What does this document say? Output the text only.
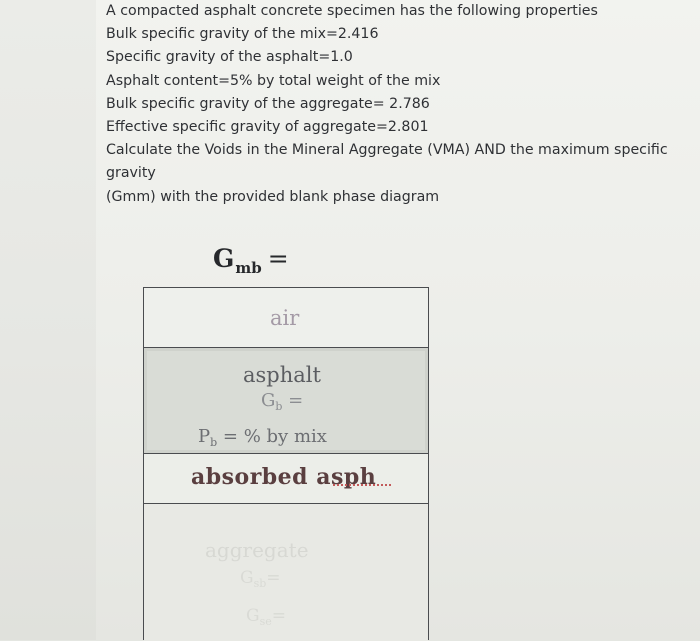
A compacted asphalt concrete specimen has the following properties
Bulk specific gravity of the mix=2.416
Specific gravity of the asphalt=1.0
Asphalt content=5% by total weight of the mix
Bulk specific gravity of the aggregate= 2.786
Effective specific gravity of aggregate=2.801
Calculate the Voids in the Mineral Aggregate (VMA) AND the maximum specific
gravity
(Gmm) with the provided blank phase diagram
$G_{mb}$ =
air
asphalt
$G_b$ =
$P_b$ = % by mix
absorbed asph
aggregate
$G_{sb}=$
$G_{se}=$
